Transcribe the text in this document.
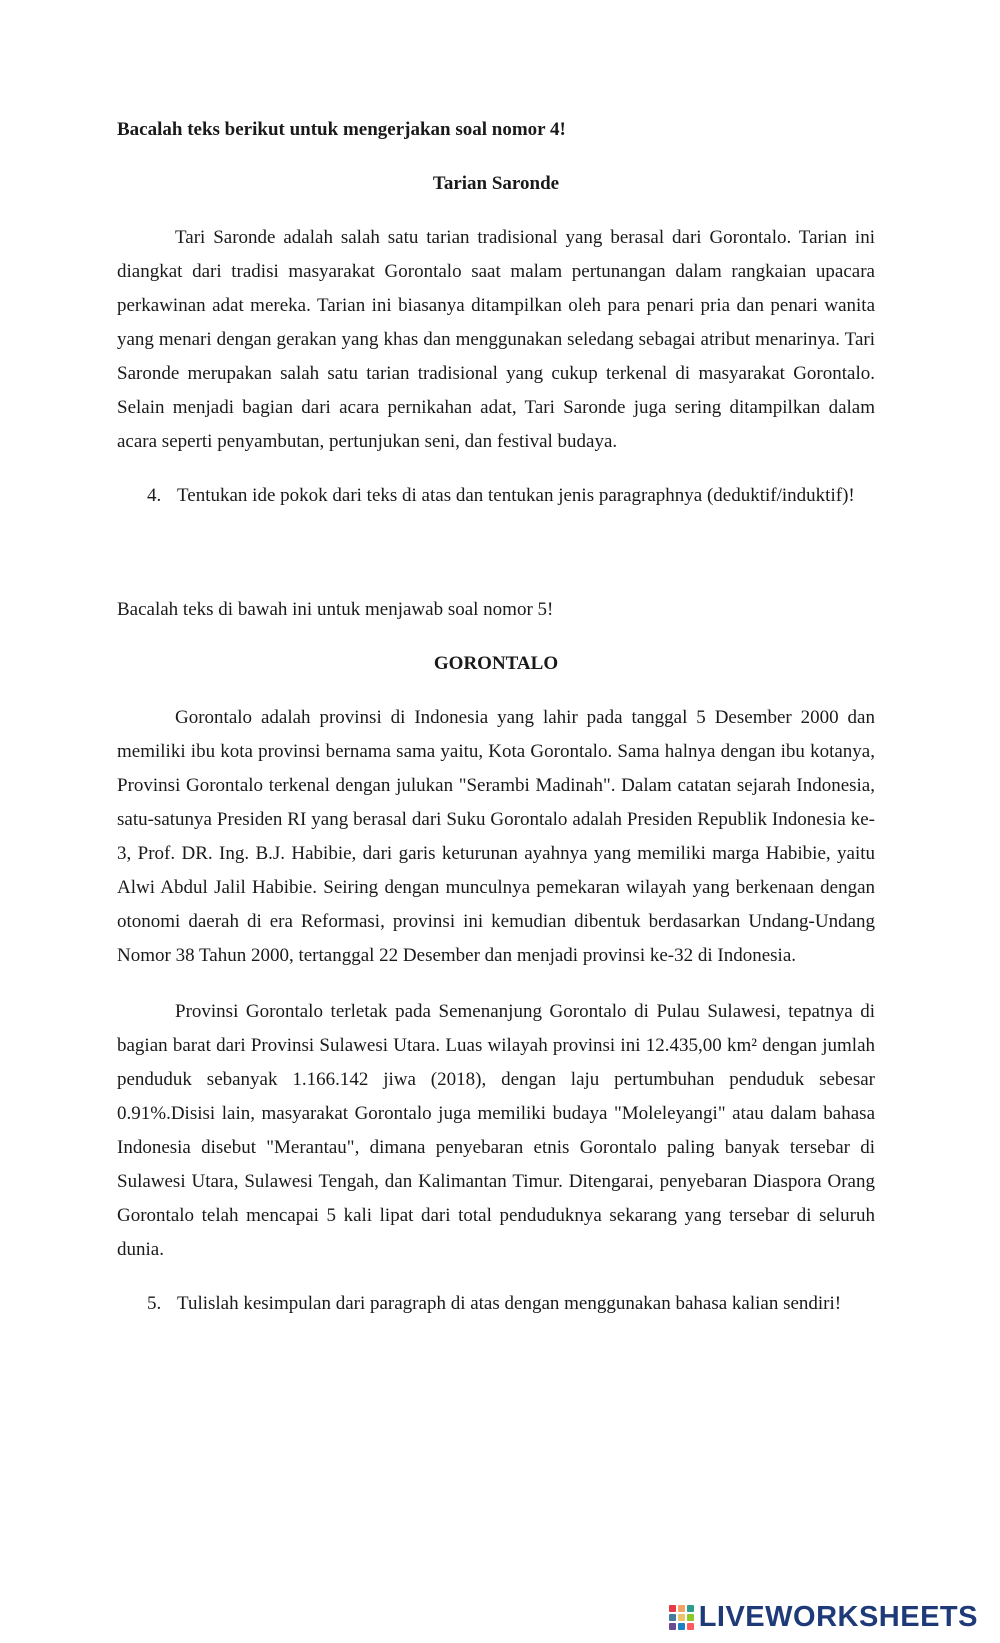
Bacalah teks berikut untuk mengerjakan soal nomor 4!

Tarian Saronde

Tari Saronde adalah salah satu tarian tradisional yang berasal dari Gorontalo. Tarian ini diangkat dari tradisi masyarakat Gorontalo saat malam pertunangan dalam rangkaian upacara perkawinan adat mereka. Tarian ini biasanya ditampilkan oleh para penari pria dan penari wanita yang menari dengan gerakan yang khas dan menggunakan seledang sebagai atribut menarinya. Tari Saronde merupakan salah satu tarian tradisional yang cukup terkenal di masyarakat Gorontalo. Selain menjadi bagian dari acara pernikahan adat, Tari Saronde juga sering ditampilkan dalam acara seperti penyambutan, pertunjukan seni, dan festival budaya.

4. Tentukan ide pokok dari teks di atas dan tentukan jenis paragraphnya (deduktif/induktif)!

Bacalah teks di bawah ini untuk menjawab soal nomor 5!

GORONTALO

Gorontalo adalah provinsi di Indonesia yang lahir pada tanggal 5 Desember 2000 dan memiliki ibu kota provinsi bernama sama yaitu, Kota Gorontalo. Sama halnya dengan ibu kotanya, Provinsi Gorontalo terkenal dengan julukan "Serambi Madinah". Dalam catatan sejarah Indonesia, satu-satunya Presiden RI yang berasal dari Suku Gorontalo adalah Presiden Republik Indonesia ke-3, Prof. DR. Ing. B.J. Habibie, dari garis keturunan ayahnya yang memiliki marga Habibie, yaitu Alwi Abdul Jalil Habibie. Seiring dengan munculnya pemekaran wilayah yang berkenaan dengan otonomi daerah di era Reformasi, provinsi ini kemudian dibentuk berdasarkan Undang-Undang Nomor 38 Tahun 2000, tertanggal 22 Desember dan menjadi provinsi ke-32 di Indonesia.

Provinsi Gorontalo terletak pada Semenanjung Gorontalo di Pulau Sulawesi, tepatnya di bagian barat dari Provinsi Sulawesi Utara. Luas wilayah provinsi ini 12.435,00 km² dengan jumlah penduduk sebanyak 1.166.142 jiwa (2018), dengan laju pertumbuhan penduduk sebesar 0.91%.Disisi lain, masyarakat Gorontalo juga memiliki budaya "Moleleyangi" atau dalam bahasa Indonesia disebut "Merantau", dimana penyebaran etnis Gorontalo paling banyak tersebar di Sulawesi Utara, Sulawesi Tengah, dan Kalimantan Timur. Ditengarai, penyebaran Diaspora Orang Gorontalo telah mencapai 5 kali lipat dari total penduduknya sekarang yang tersebar di seluruh dunia.

5. Tulislah kesimpulan dari paragraph di atas dengan menggunakan bahasa kalian sendiri!
LIVEWORKSHEETS
